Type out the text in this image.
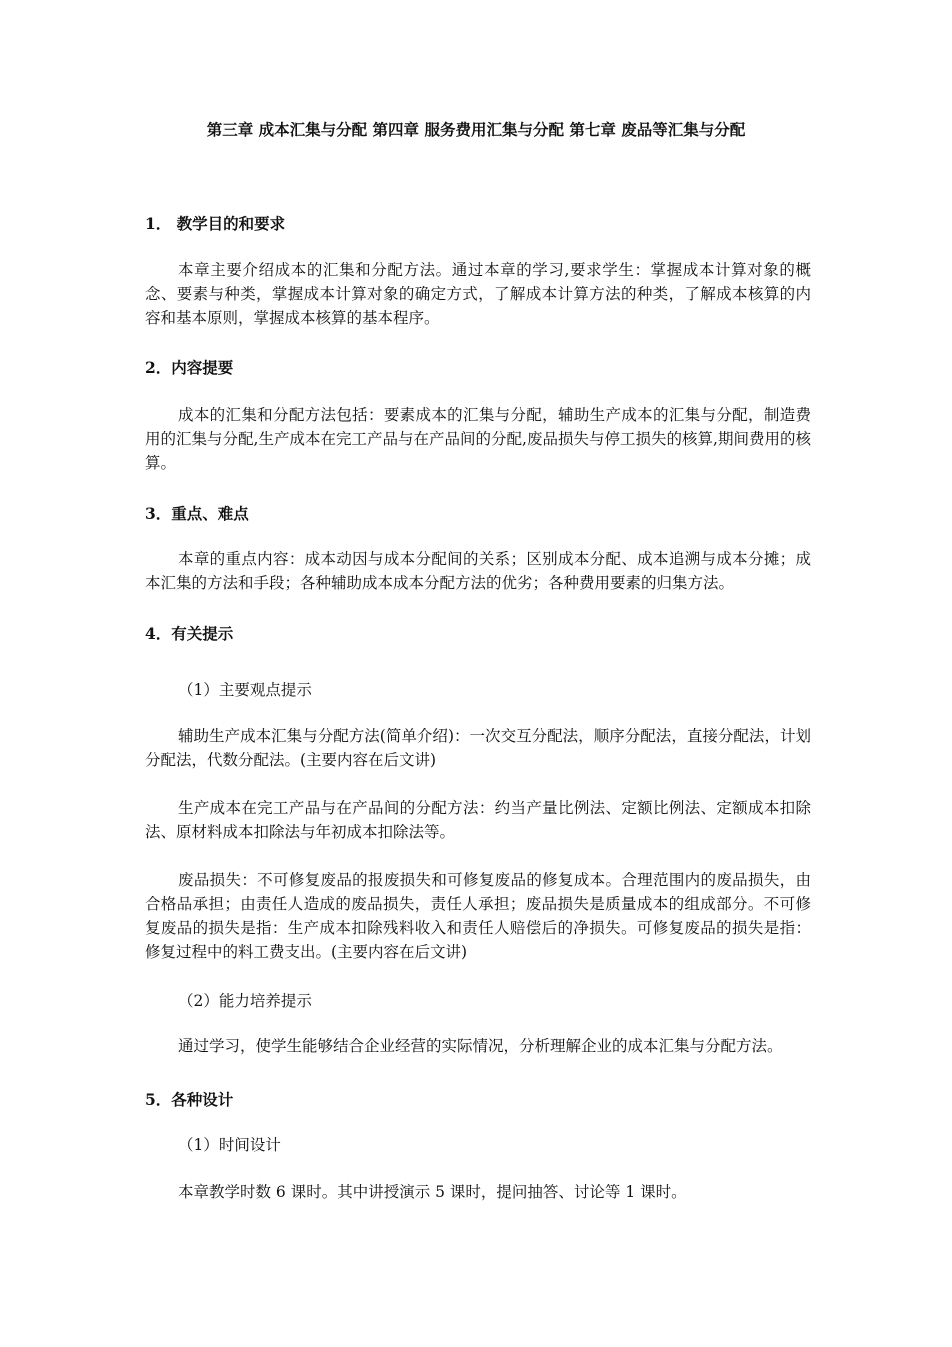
第三章 成本汇集与分配 第四章 服务费用汇集与分配 第七章 废品等汇集与分配
1． 教学目的和要求
本章主要介绍成本的汇集和分配方法。通过本章的学习,要求学生：掌握成本计算对象的概念、要素与种类，掌握成本计算对象的确定方式，了解成本计算方法的种类，了解成本核算的内容和基本原则，掌握成本核算的基本程序。
2．内容提要
成本的汇集和分配方法包括：要素成本的汇集与分配，辅助生产成本的汇集与分配，制造费用的汇集与分配,生产成本在完工产品与在产品间的分配,废品损失与停工损失的核算,期间费用的核算。
3．重点、难点
本章的重点内容：成本动因与成本分配间的关系；区别成本分配、成本追溯与成本分摊；成本汇集的方法和手段；各种辅助成本成本分配方法的优劣；各种费用要素的归集方法。
4．有关提示
（1）主要观点提示
辅助生产成本汇集与分配方法(简单介绍)：一次交互分配法，顺序分配法，直接分配法，计划分配法，代数分配法。(主要内容在后文讲)
生产成本在完工产品与在产品间的分配方法：约当产量比例法、定额比例法、定额成本扣除法、原材料成本扣除法与年初成本扣除法等。
废品损失：不可修复废品的报废损失和可修复废品的修复成本。合理范围内的废品损失，由合格品承担；由责任人造成的废品损失，责任人承担；废品损失是质量成本的组成部分。不可修复废品的损失是指：生产成本扣除残料收入和责任人赔偿后的净损失。可修复废品的损失是指：修复过程中的料工费支出。(主要内容在后文讲)
（2）能力培养提示
通过学习，使学生能够结合企业经营的实际情况，分析理解企业的成本汇集与分配方法。
5．各种设计
（1）时间设计
本章教学时数 6 课时。其中讲授演示 5 课时，提问抽答、讨论等 1 课时。
